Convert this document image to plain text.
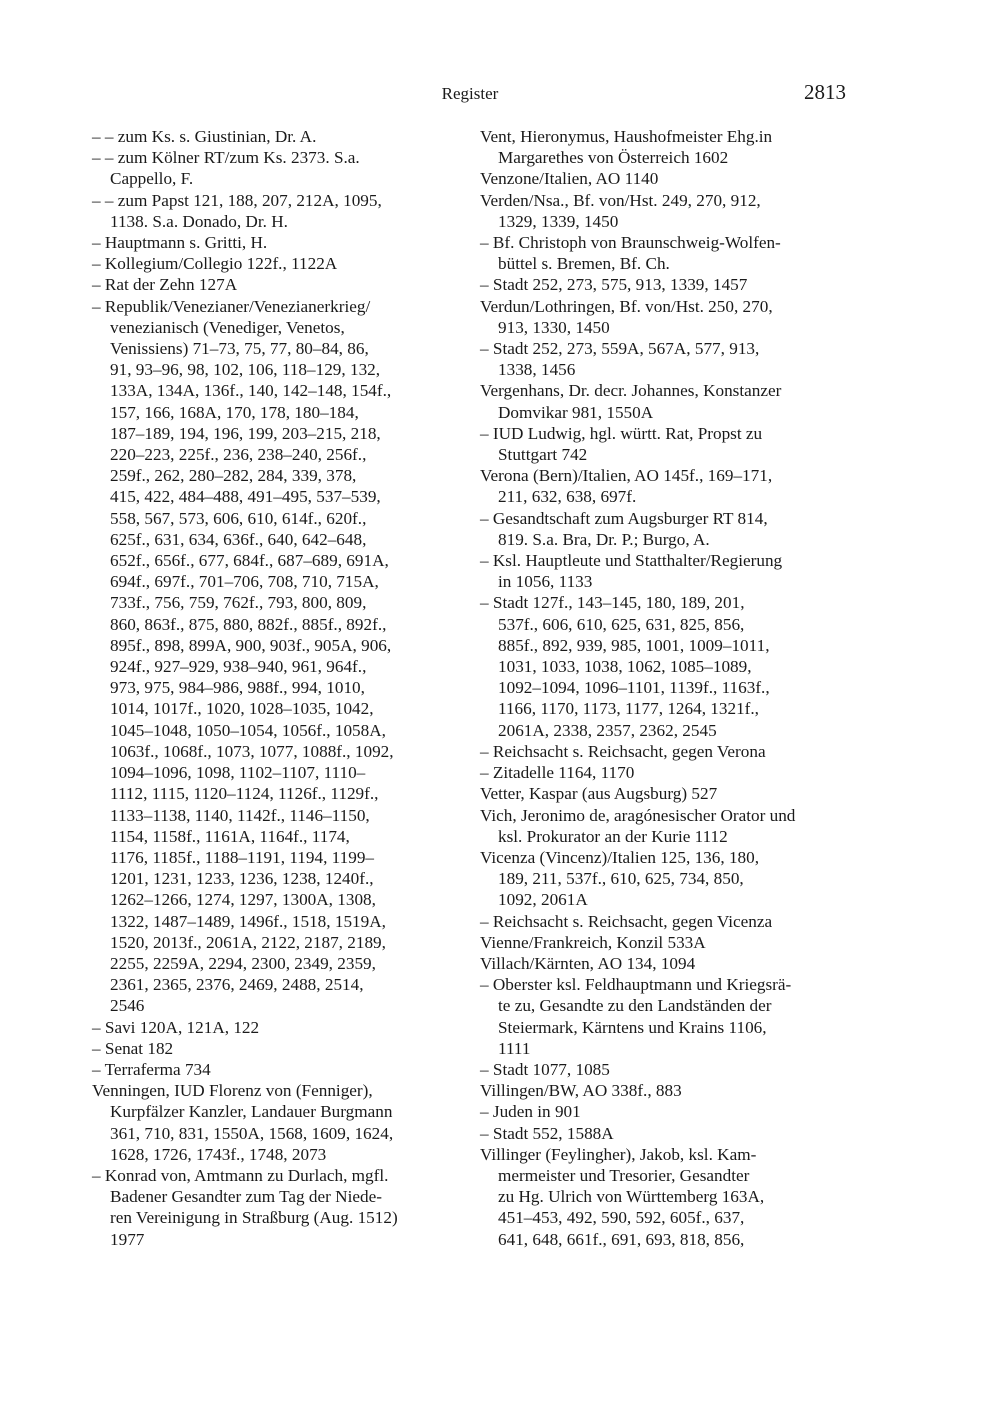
Register	2813
– – zum Ks. s. Giustinian, Dr. A.
– – zum Kölner RT/zum Ks. 2373. S.a.
Cappello, F.
– – zum Papst 121, 188, 207, 212A, 1095,
1138. S.a. Donado, Dr. H.
– Hauptmann s. Gritti, H.
– Kollegium/Collegio 122f., 1122A
– Rat der Zehn 127A
– Republik/Venezianer/Venezianerkrieg/
venezianisch (Venediger, Venetos,
Venissiens) 71–73, 75, 77, 80–84, 86,
91, 93–96, 98, 102, 106, 118–129, 132,
133A, 134A, 136f., 140, 142–148, 154f.,
157, 166, 168A, 170, 178, 180–184,
187–189, 194, 196, 199, 203–215, 218,
220–223, 225f., 236, 238–240, 256f.,
259f., 262, 280–282, 284, 339, 378,
415, 422, 484–488, 491–495, 537–539,
558, 567, 573, 606, 610, 614f., 620f.,
625f., 631, 634, 636f., 640, 642–648,
652f., 656f., 677, 684f., 687–689, 691A,
694f., 697f., 701–706, 708, 710, 715A,
733f., 756, 759, 762f., 793, 800, 809,
860, 863f., 875, 880, 882f., 885f., 892f.,
895f., 898, 899A, 900, 903f., 905A, 906,
924f., 927–929, 938–940, 961, 964f.,
973, 975, 984–986, 988f., 994, 1010,
1014, 1017f., 1020, 1028–1035, 1042,
1045–1048, 1050–1054, 1056f., 1058A,
1063f., 1068f., 1073, 1077, 1088f., 1092,
1094–1096, 1098, 1102–1107, 1110–
1112, 1115, 1120–1124, 1126f., 1129f.,
1133–1138, 1140, 1142f., 1146–1150,
1154, 1158f., 1161A, 1164f., 1174,
1176, 1185f., 1188–1191, 1194, 1199–
1201, 1231, 1233, 1236, 1238, 1240f.,
1262–1266, 1274, 1297, 1300A, 1308,
1322, 1487–1489, 1496f., 1518, 1519A,
1520, 2013f., 2061A, 2122, 2187, 2189,
2255, 2259A, 2294, 2300, 2349, 2359,
2361, 2365, 2376, 2469, 2488, 2514,
2546
– Savi 120A, 121A, 122
– Senat 182
– Terraferma 734
Venningen, IUD Florenz von (Fenniger),
Kurpfälzer Kanzler, Landauer Burgmann
361, 710, 831, 1550A, 1568, 1609, 1624,
1628, 1726, 1743f., 1748, 2073
– Konrad von, Amtmann zu Durlach, mgfl.
Badener Gesandter zum Tag der Niede-
ren Vereinigung in Straßburg (Aug. 1512)
1977
Vent, Hieronymus, Haushofmeister Ehg.in
Margarethes von Österreich 1602
Venzone/Italien, AO 1140
Verden/Nsa., Bf. von/Hst. 249, 270, 912,
1329, 1339, 1450
– Bf. Christoph von Braunschweig-Wolfen-
büttel s. Bremen, Bf. Ch.
– Stadt 252, 273, 575, 913, 1339, 1457
Verdun/Lothringen, Bf. von/Hst. 250, 270,
913, 1330, 1450
– Stadt 252, 273, 559A, 567A, 577, 913,
1338, 1456
Vergenhans, Dr. decr. Johannes, Konstanzer
Domvikar 981, 1550A
– IUD Ludwig, hgl. württ. Rat, Propst zu
Stuttgart 742
Verona (Bern)/Italien, AO 145f., 169–171,
211, 632, 638, 697f.
– Gesandtschaft zum Augsburger RT 814,
819. S.a. Bra, Dr. P.; Burgo, A.
– Ksl. Hauptleute und Statthalter/Regierung
in 1056, 1133
– Stadt 127f., 143–145, 180, 189, 201,
537f., 606, 610, 625, 631, 825, 856,
885f., 892, 939, 985, 1001, 1009–1011,
1031, 1033, 1038, 1062, 1085–1089,
1092–1094, 1096–1101, 1139f., 1163f.,
1166, 1170, 1173, 1177, 1264, 1321f.,
2061A, 2338, 2357, 2362, 2545
– Reichsacht s. Reichsacht, gegen Verona
– Zitadelle 1164, 1170
Vetter, Kaspar (aus Augsburg) 527
Vich, Jeronimo de, aragónesischer Orator und
ksl. Prokurator an der Kurie 1112
Vicenza (Vincenz)/Italien 125, 136, 180,
189, 211, 537f., 610, 625, 734, 850,
1092, 2061A
– Reichsacht s. Reichsacht, gegen Vicenza
Vienne/Frankreich, Konzil 533A
Villach/Kärnten, AO 134, 1094
– Oberster ksl. Feldhauptmann und Kriegsrä-
te zu, Gesandte zu den Landständen der
Steiermark, Kärntens und Krains 1106,
1111
– Stadt 1077, 1085
Villingen/BW, AO 338f., 883
– Juden in 901
– Stadt 552, 1588A
Villinger (Feylingher), Jakob, ksl. Kam-
mermeister und Tresorier, Gesandter
zu Hg. Ulrich von Württemberg 163A,
451–453, 492, 590, 592, 605f., 637,
641, 648, 661f., 691, 693, 818, 856,
